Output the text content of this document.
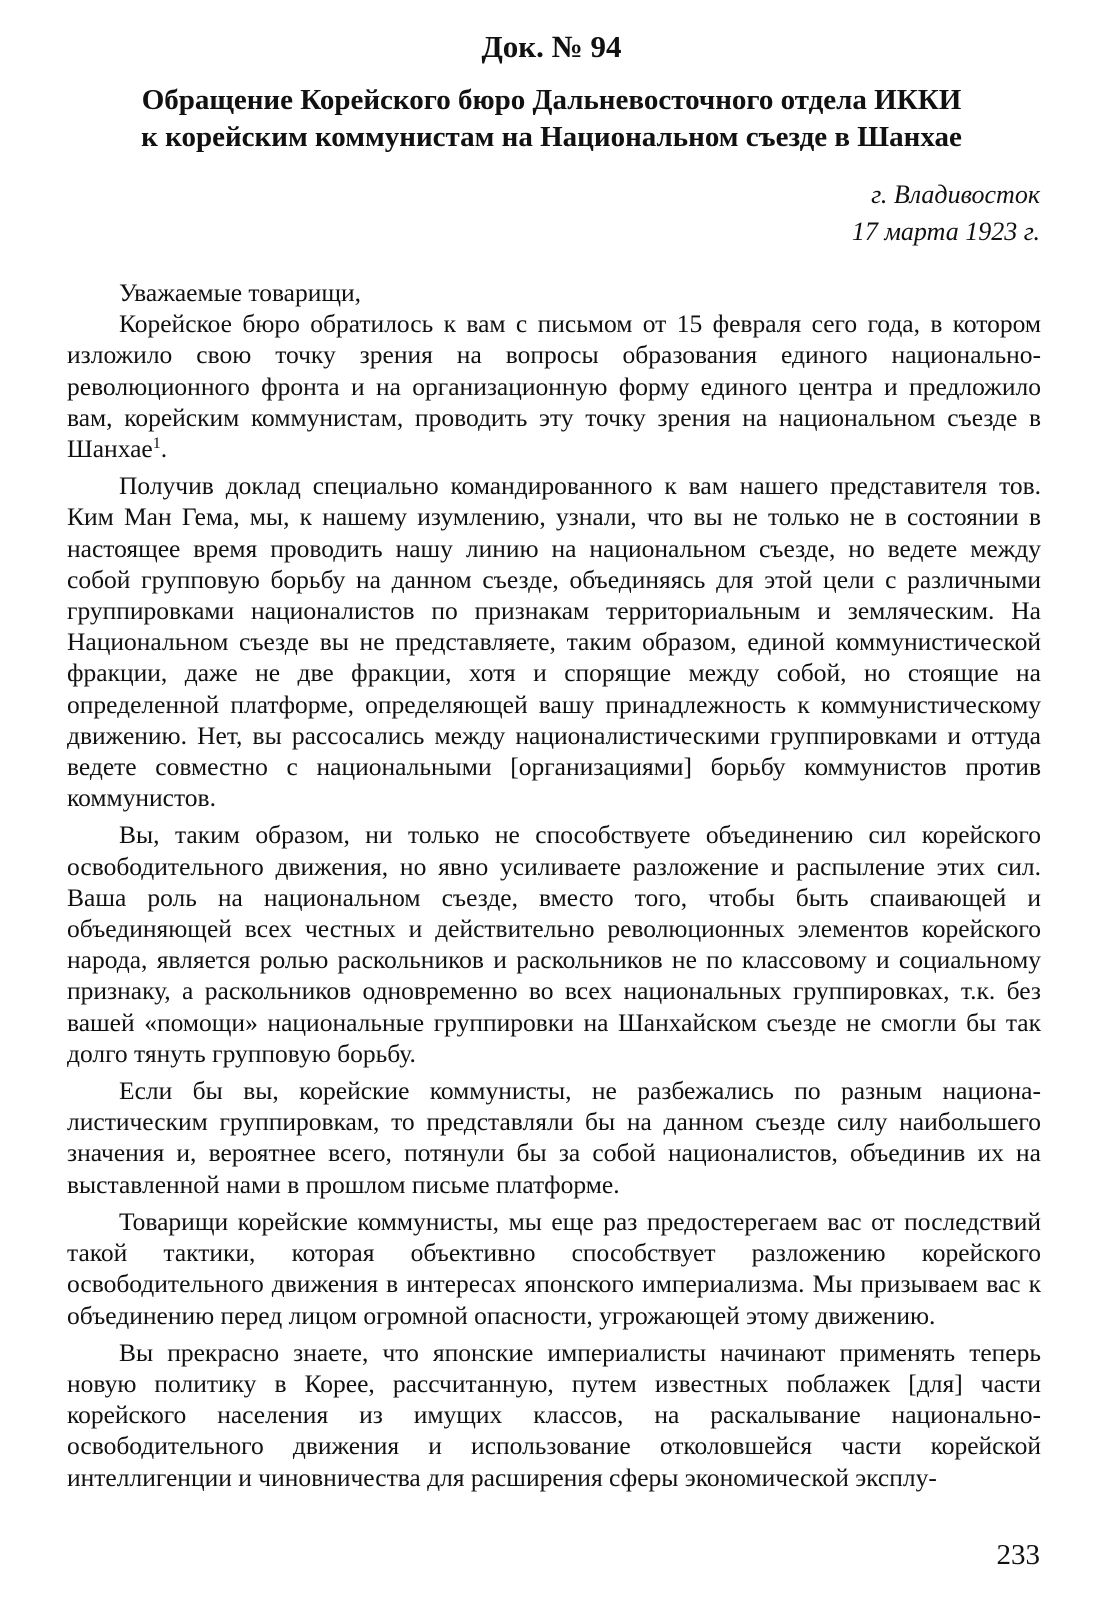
Док. № 94
Обращение Корейского бюро Дальневосточного отдела ИККИ
к корейским коммунистам на Национальном съезде в Шанхае
г. Владивосток
17 марта 1923 г.

Уважаемые товарищи,

Корейское бюро обратилось к вам с письмом от 15 февраля сего года, в котором изложило свою точку зрения на вопросы образования единого национально-революционного фронта и на организационную форму единого центра и предложило вам, корейским коммунистам, проводить эту точку зрения на национальном съезде в Шанхае$^1$.

Получив доклад специально командированного к вам нашего представителя тов. Ким Ман Гема, мы, к нашему изумлению, узнали, что вы не только не в состоянии в настоящее время проводить нашу линию на национальном съезде, но ведете между собой групповую борьбу на данном съезде, объединяясь для этой цели с различными группировками националистов по признакам территориальным и земляческим. На Национальном съезде вы не представляете, таким образом, единой коммунистической фракции, даже не две фракции, хотя и спорящие между собой, но стоящие на определенной платформе, определяющей вашу принадлежность к коммунистическому движению. Нет, вы рассосались между националистическими группировками и оттуда ведете совместно с национальными [организациями] борьбу коммунистов против коммунистов.

Вы, таким образом, ни только не способствуете объединению сил корейского освободительного движения, но явно усиливаете разложение и распыление этих сил. Ваша роль на национальном съезде, вместо того, чтобы быть спаивающей и объединяющей всех честных и действительно революционных элементов корейского народа, является ролью раскольников и раскольников не по классовому и социальному признаку, а раскольников одновременно во всех национальных группировках, т.к. без вашей «помощи» национальные группировки на Шанхайском съезде не смогли бы так долго тянуть групповую борьбу.

Если бы вы, корейские коммунисты, не разбежались по разным националистическим группировкам, то представляли бы на данном съезде силу наибольшего значения и, вероятнее всего, потянули бы за собой националистов, объединив их на выставленной нами в прошлом письме платформе.

Товарищи корейские коммунисты, мы еще раз предостерегаем вас от последствий такой тактики, которая объективно способствует разложению корейского освободительного движения в интересах японского империализма. Мы призываем вас к объединению перед лицом огромной опасности, угрожающей этому движению.

Вы прекрасно знаете, что японские империалисты начинают применять теперь новую политику в Корее, рассчитанную, путем известных поблажек [для] части корейского населения из имущих классов, на раскалывание национально-освободительного движения и использование отколовшейся части корейской интеллигенции и чиновничества для расширения сферы экономической эксплу-

233
